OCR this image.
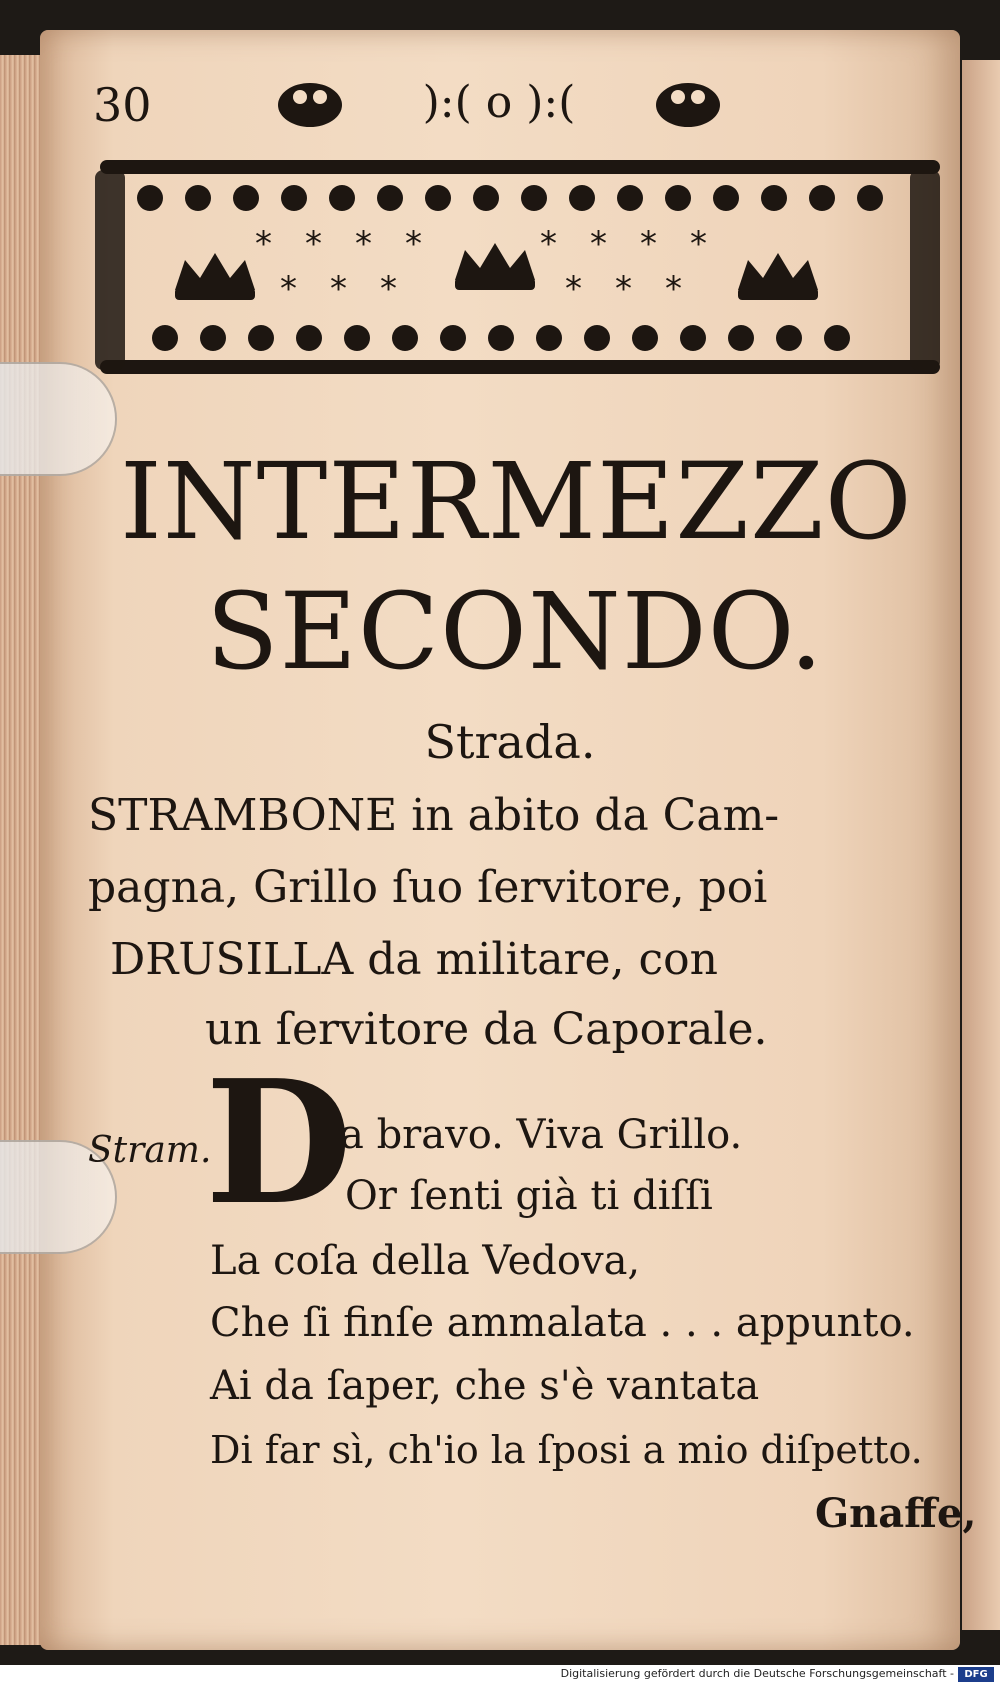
30	):( o ):(
* * * *	* * * *
* * *	* * *

INTERMEZZO

SECONDO.

Strada.

STRAMBONE in abito da Cam-

pagna, Grillo ſuo ſervitore, poi

DRUSILLA da militare, con

un ſervitore da Caporale.

Stram.

D

a bravo. Viva Grillo.

Or ſenti già ti diſſi

La coſa della Vedova,

Che ſi finſe ammalata . . . appunto.

Ai da ſaper, che s'è vantata

Di far sì, ch'io la ſposi a mio diſpetto.

Gnaffe,

Digitalisierung gefördert durch die Deutsche Forschungsgemeinschaft -	DFG
